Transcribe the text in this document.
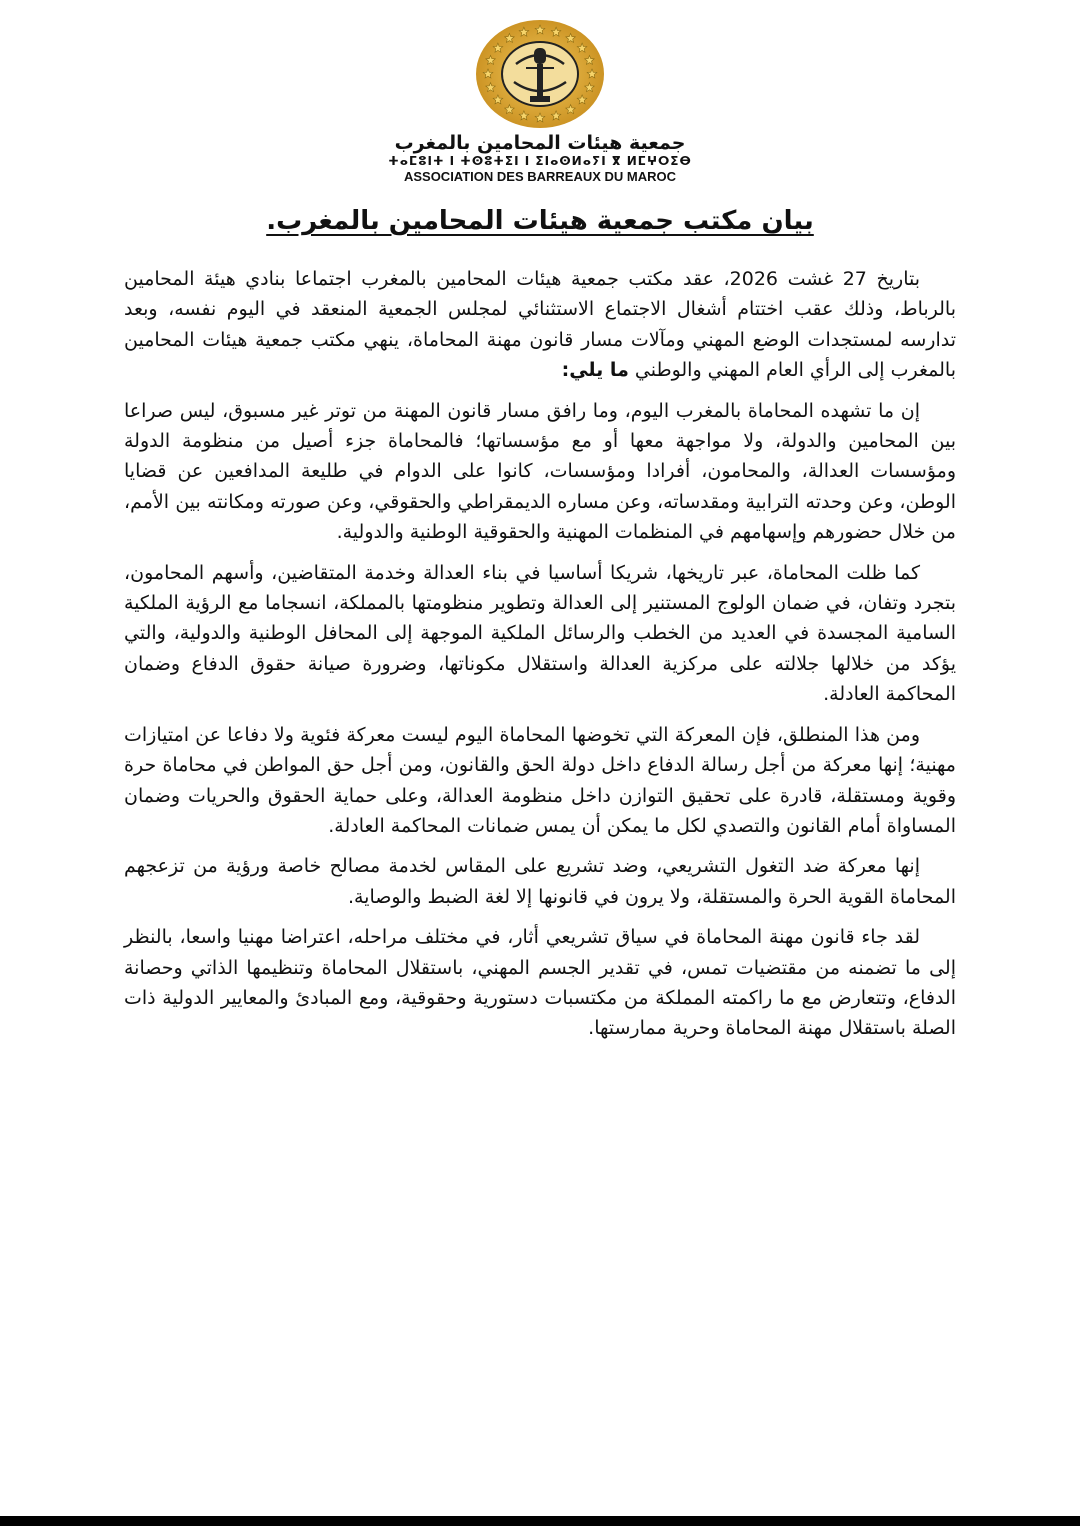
جمعية هيئات المحامين بالمغرب
ⵜⴰⵎⵓⵏⵜ ⵏ ⵜⵙⵓⵜⵉⵏ ⵏ ⵉⵏⴰⵙⵍⴰⵢⵏ ⴳ ⵍⵎⵖⵔⵉⴱ
ASSOCIATION DES BARREAUX DU MAROC
بيان مكتب جمعية هيئات المحامين بالمغرب.

بتاريخ 27 غشت 2026، عقد مكتب جمعية هيئات المحامين بالمغرب اجتماعا بنادي هيئة المحامين بالرباط، وذلك عقب اختتام أشغال الاجتماع الاستثنائي لمجلس الجمعية المنعقد في اليوم نفسه، وبعد تدارسه لمستجدات الوضع المهني ومآلات مسار قانون مهنة المحاماة، ينهي مكتب جمعية هيئات المحامين بالمغرب إلى الرأي العام المهني والوطني ما يلي:

إن ما تشهده المحاماة بالمغرب اليوم، وما رافق مسار قانون المهنة من توتر غير مسبوق، ليس صراعا بين المحامين والدولة، ولا مواجهة معها أو مع مؤسساتها؛ فالمحاماة جزء أصيل من منظومة الدولة ومؤسسات العدالة، والمحامون، أفرادا ومؤسسات، كانوا على الدوام في طليعة المدافعين عن قضايا الوطن، وعن وحدته الترابية ومقدساته، وعن مساره الديمقراطي والحقوقي، وعن صورته ومكانته بين الأمم، من خلال حضورهم وإسهامهم في المنظمات المهنية والحقوقية الوطنية والدولية.

كما ظلت المحاماة، عبر تاريخها، شريكا أساسيا في بناء العدالة وخدمة المتقاضين، وأسهم المحامون، بتجرد وتفان، في ضمان الولوج المستنير إلى العدالة وتطوير منظومتها بالمملكة، انسجاما مع الرؤية الملكية السامية المجسدة في العديد من الخطب والرسائل الملكية الموجهة إلى المحافل الوطنية والدولية، والتي يؤكد من خلالها جلالته على مركزية العدالة واستقلال مكوناتها، وضرورة صيانة حقوق الدفاع وضمان المحاكمة العادلة.

ومن هذا المنطلق، فإن المعركة التي تخوضها المحاماة اليوم ليست معركة فئوية ولا دفاعا عن امتيازات مهنية؛ إنها معركة من أجل رسالة الدفاع داخل دولة الحق والقانون، ومن أجل حق المواطن في محاماة حرة وقوية ومستقلة، قادرة على تحقيق التوازن داخل منظومة العدالة، وعلى حماية الحقوق والحريات وضمان المساواة أمام القانون والتصدي لكل ما يمكن أن يمس ضمانات المحاكمة العادلة.

إنها معركة ضد التغول التشريعي، وضد تشريع على المقاس لخدمة مصالح خاصة ورؤية من تزعجهم المحاماة القوية الحرة والمستقلة، ولا يرون في قانونها إلا لغة الضبط والوصاية.

لقد جاء قانون مهنة المحاماة في سياق تشريعي أثار، في مختلف مراحله، اعتراضا مهنيا واسعا، بالنظر إلى ما تضمنه من مقتضيات تمس، في تقدير الجسم المهني، باستقلال المحاماة وتنظيمها الذاتي وحصانة الدفاع، وتتعارض مع ما راكمته المملكة من مكتسبات دستورية وحقوقية، ومع المبادئ والمعايير الدولية ذات الصلة باستقلال مهنة المحاماة وحرية ممارستها.
